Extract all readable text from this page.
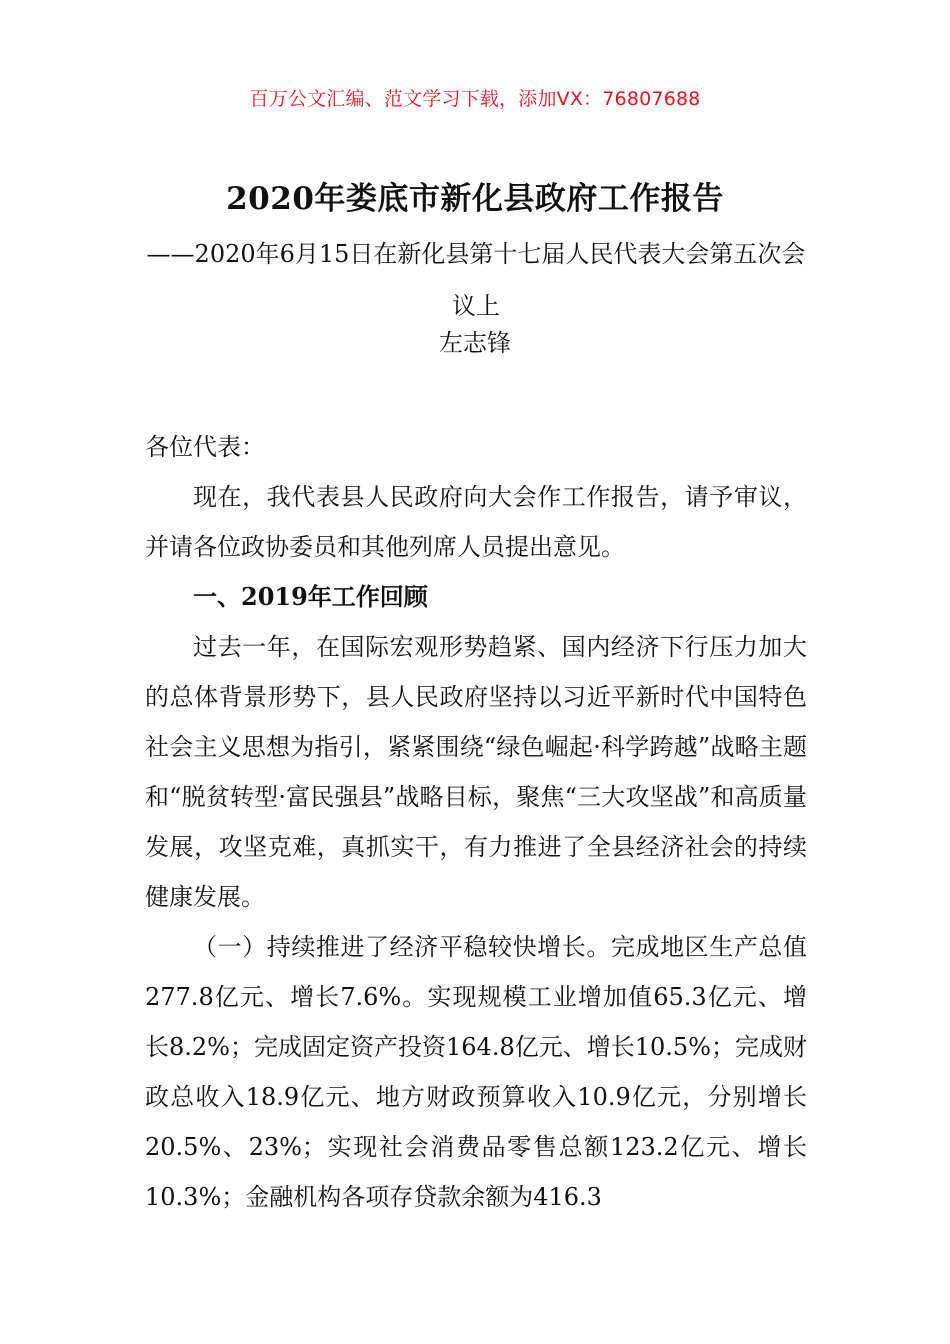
百万公文汇编、范文学习下载，添加VX：76807688
2020年娄底市新化县政府工作报告
——2020年6月15日在新化县第十七届人民代表大会第五次会议上
左志锋

各位代表：

现在，我代表县人民政府向大会作工作报告，请予审议，并请各位政协委员和其他列席人员提出意见。

一、2019年工作回顾

过去一年，在国际宏观形势趋紧、国内经济下行压力加大的总体背景形势下，县人民政府坚持以习近平新时代中国特色社会主义思想为指引，紧紧围绕“绿色崛起·科学跨越”战略主题和“脱贫转型·富民强县”战略目标，聚焦“三大攻坚战”和高质量发展，攻坚克难，真抓实干，有力推进了全县经济社会的持续健康发展。

（一）持续推进了经济平稳较快增长。完成地区生产总值277.8亿元、增长7.6%。实现规模工业增加值65.3亿元、增长8.2%；完成固定资产投资164.8亿元、增长10.5%；完成财政总收入18.9亿元、地方财政预算收入10.9亿元，分别增长20.5%、23%；实现社会消费品零售总额123.2亿元、增长10.3%；金融机构各项存贷款余额为416.3
